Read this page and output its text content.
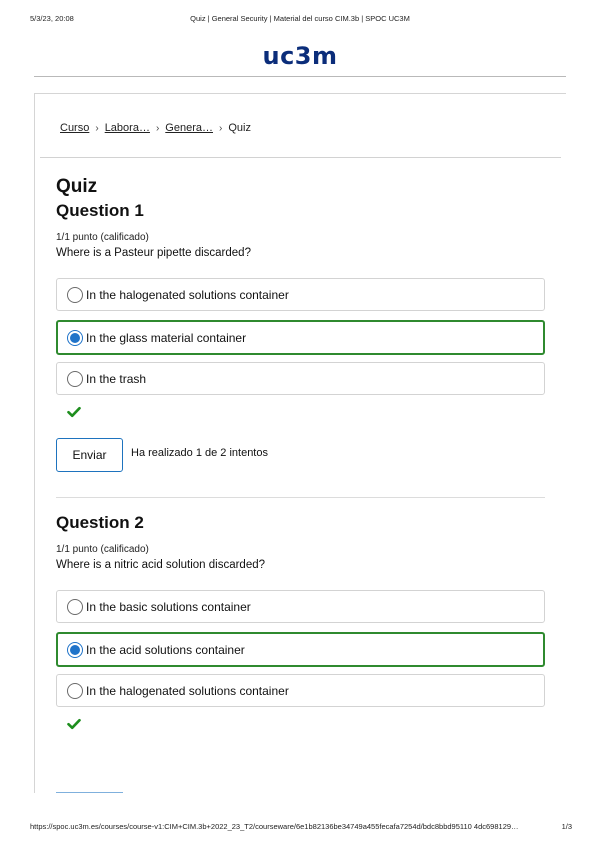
5/3/23, 20:08	Quiz | General Security | Material del curso CIM.3b | SPOC UC3M
uc3m
Curso › Labora… › Genera… › Quiz
Quiz
Question 1
1/1 punto (calificado)
Where is a Pasteur pipette discarded?
In the halogenated solutions container
In the glass material container
In the trash
Enviar	Ha realizado 1 de 2 intentos
Question 2
1/1 punto (calificado)
Where is a nitric acid solution discarded?
In the basic solutions container
In the acid solutions container
In the halogenated solutions container
https://spoc.uc3m.es/courses/course-v1:CIM+CIM.3b+2022_23_T2/courseware/6e1b82136be34749a455fecafa7254d/bdc8bbd95110 4dc698129…	1/3
